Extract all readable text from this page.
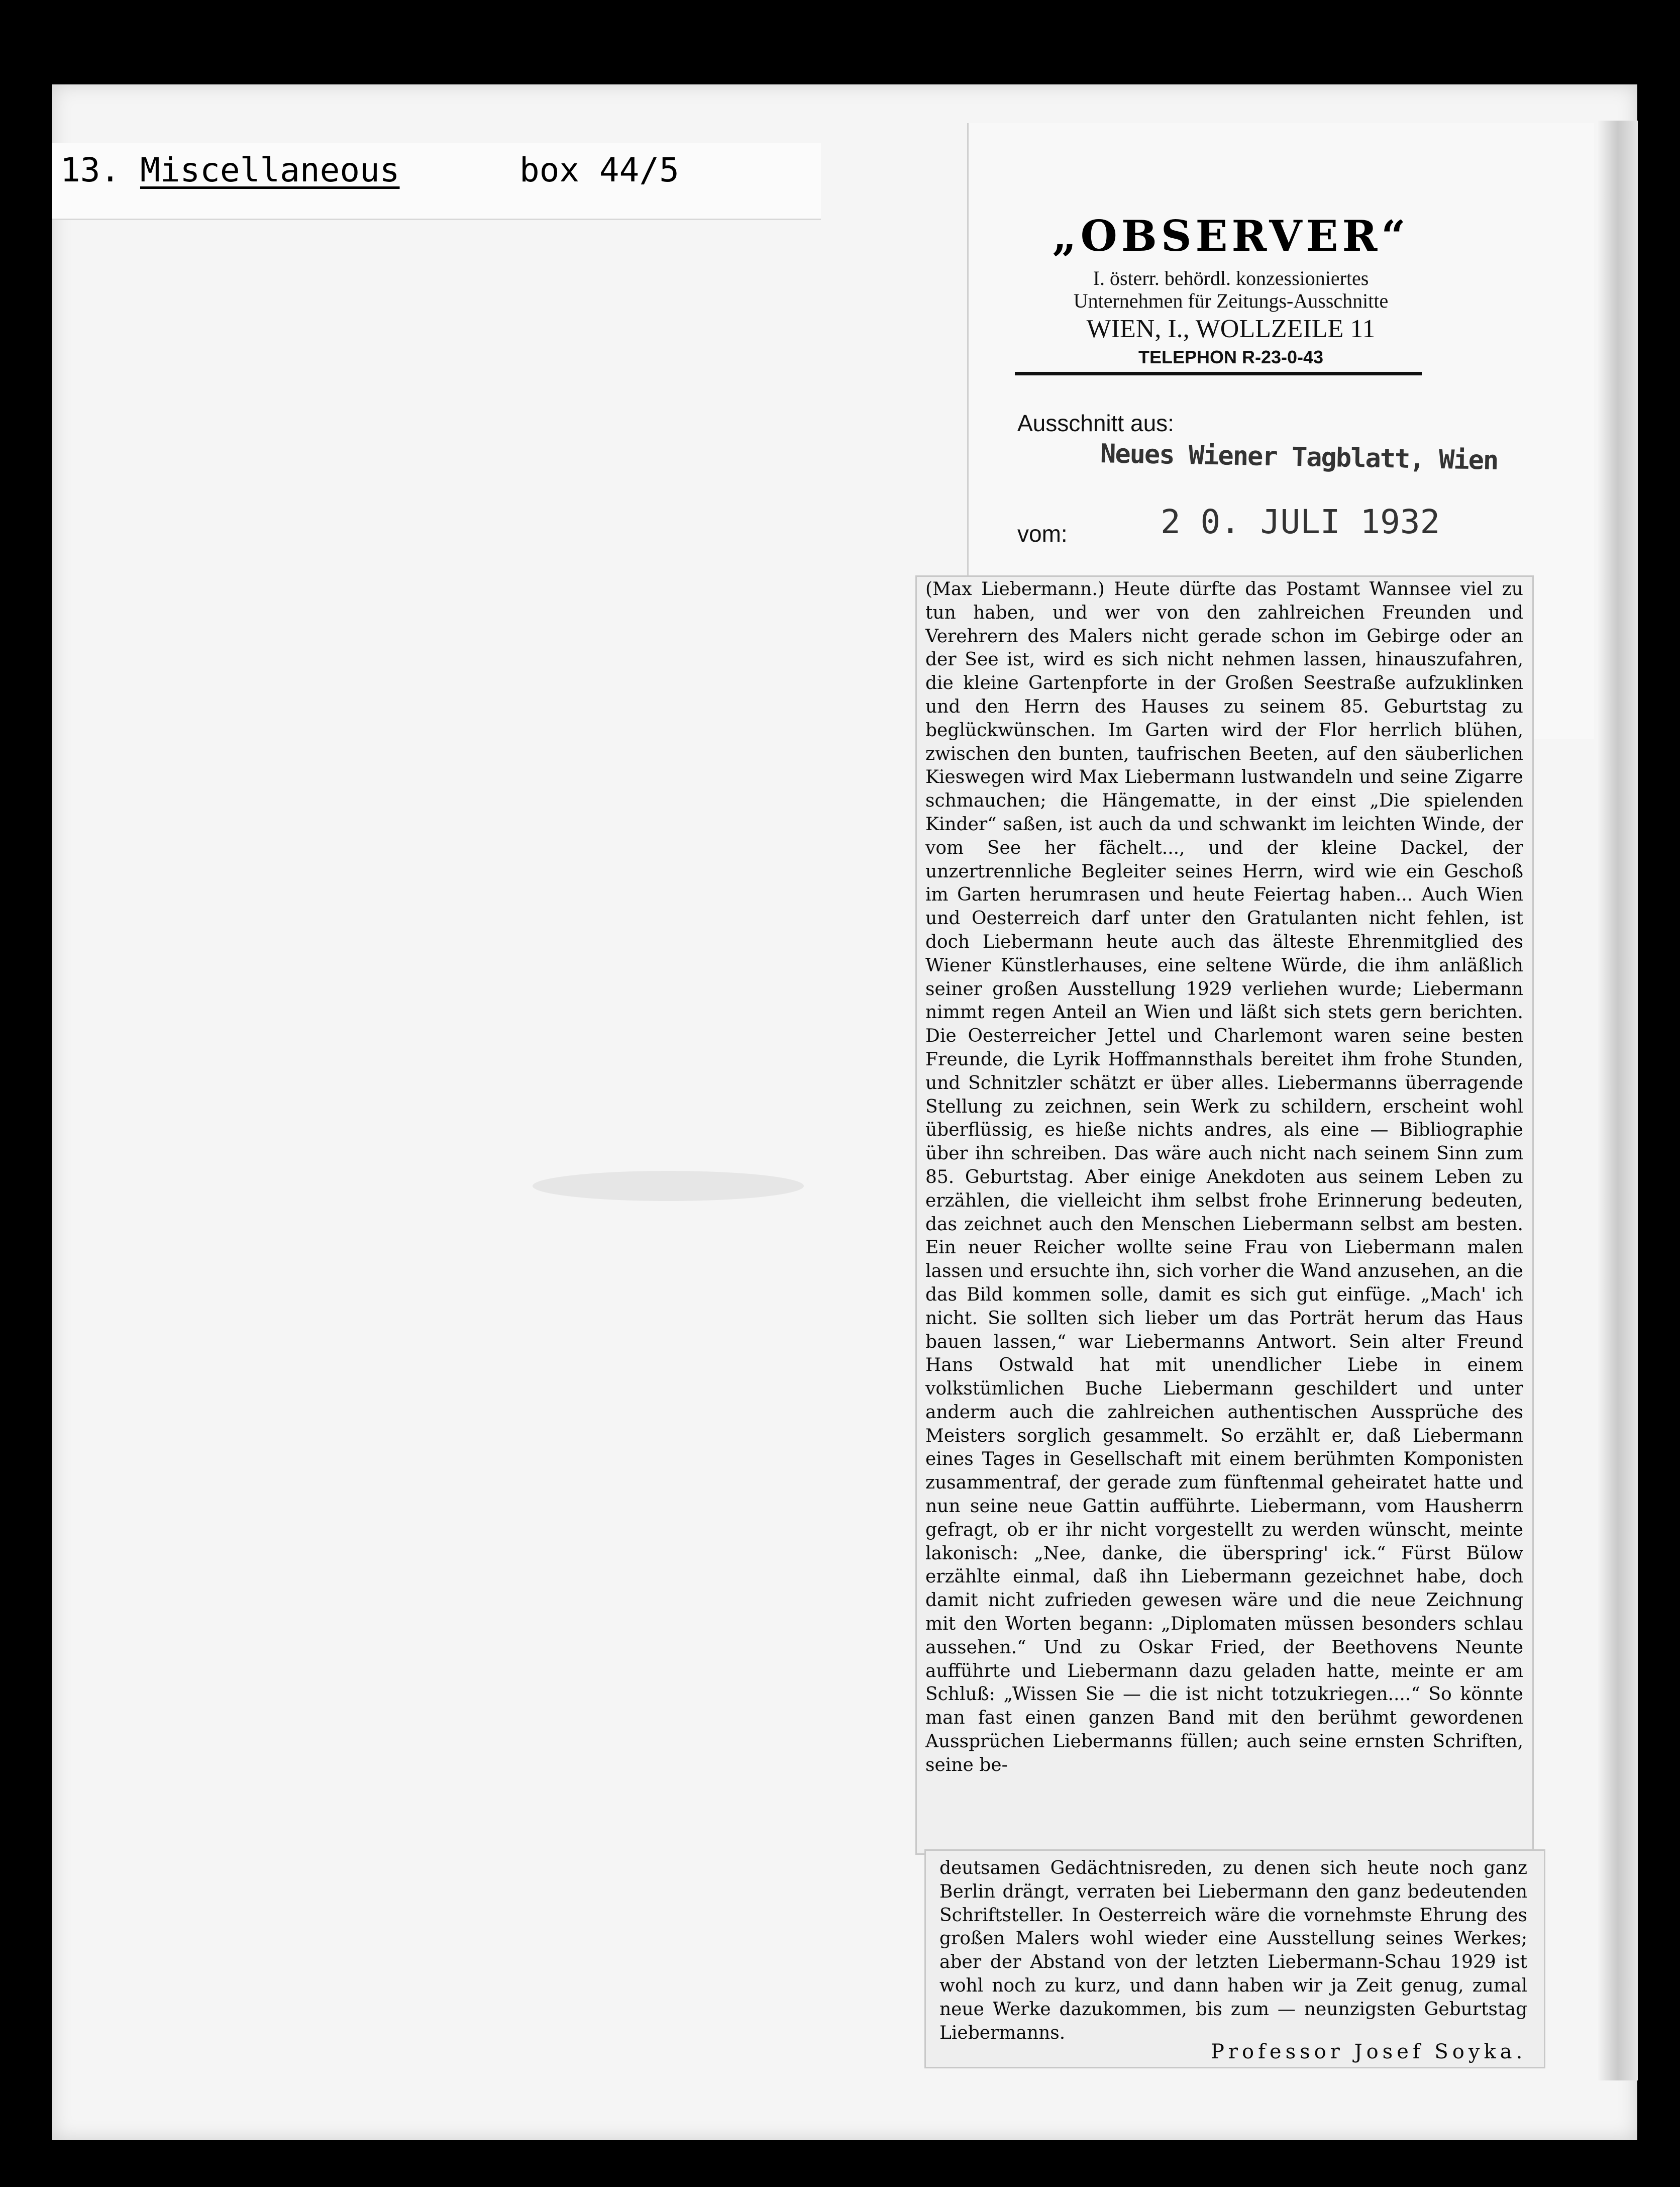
13. Miscellaneous	box 44/5
„OBSERVER“
I. österr. behördl. konzessioniertes
Unternehmen für Zeitungs-Ausschnitte
WIEN, I., WOLLZEILE 11
TELEPHON R-23-0-43
Ausschnitt aus:
Neues Wiener Tagblatt, Wien
vom:	2 0. JULI 1932
(Max Liebermann.) Heute dürfte das Postamt Wannsee viel zu tun haben, und wer von den zahlreichen Freunden und Verehrern des Malers nicht gerade schon im Gebirge oder an der See ist, wird es sich nicht nehmen lassen, hinauszufahren, die kleine Gartenpforte in der Großen Seestraße aufzuklinken und den Herrn des Hauses zu seinem 85. Geburtstag zu beglückwünschen. Im Garten wird der Flor herrlich blühen, zwischen den bunten, taufrischen Beeten, auf den säuberlichen Kieswegen wird Max Liebermann lustwandeln und seine Zigarre schmauchen; die Hängematte, in der einst „Die spielenden Kinder“ saßen, ist auch da und schwankt im leichten Winde, der vom See her fächelt..., und der kleine Dackel, der unzertrennliche Begleiter seines Herrn, wird wie ein Geschoß im Garten herumrasen und heute Feiertag haben... Auch Wien und Oesterreich darf unter den Gratulanten nicht fehlen, ist doch Liebermann heute auch das älteste Ehrenmitglied des Wiener Künstlerhauses, eine seltene Würde, die ihm anläßlich seiner großen Ausstellung 1929 verliehen wurde; Liebermann nimmt regen Anteil an Wien und läßt sich stets gern berichten. Die Oesterreicher Jettel und Charlemont waren seine besten Freunde, die Lyrik Hoffmannsthals bereitet ihm frohe Stunden, und Schnitzler schätzt er über alles. Liebermanns überragende Stellung zu zeichnen, sein Werk zu schildern, erscheint wohl überflüssig, es hieße nichts andres, als eine — Bibliographie über ihn schreiben. Das wäre auch nicht nach seinem Sinn zum 85. Geburtstag. Aber einige Anekdoten aus seinem Leben zu erzählen, die vielleicht ihm selbst frohe Erinnerung bedeuten, das zeichnet auch den Menschen Liebermann selbst am besten. Ein neuer Reicher wollte seine Frau von Liebermann malen lassen und ersuchte ihn, sich vorher die Wand anzusehen, an die das Bild kommen solle, damit es sich gut einfüge. „Mach' ich nicht. Sie sollten sich lieber um das Porträt herum das Haus bauen lassen,“ war Liebermanns Antwort. Sein alter Freund Hans Ostwald hat mit unendlicher Liebe in einem volkstümlichen Buche Liebermann geschildert und unter anderm auch die zahlreichen authentischen Aussprüche des Meisters sorglich gesammelt. So erzählt er, daß Liebermann eines Tages in Gesellschaft mit einem berühmten Komponisten zusammentraf, der gerade zum fünftenmal geheiratet hatte und nun seine neue Gattin aufführte. Liebermann, vom Hausherrn gefragt, ob er ihr nicht vorgestellt zu werden wünscht, meinte lakonisch: „Nee, danke, die überspring' ick.“ Fürst Bülow erzählte einmal, daß ihn Liebermann gezeichnet habe, doch damit nicht zufrieden gewesen wäre und die neue Zeichnung mit den Worten begann: „Diplomaten müssen besonders schlau aussehen.“ Und zu Oskar Fried, der Beethovens Neunte aufführte und Liebermann dazu geladen hatte, meinte er am Schluß: „Wissen Sie — die ist nicht totzukriegen....“ So könnte man fast einen ganzen Band mit den berühmt gewordenen Aussprüchen Liebermanns füllen; auch seine ernsten Schriften, seine be-
deutsamen Gedächtnisreden, zu denen sich heute noch ganz Berlin drängt, verraten bei Liebermann den ganz bedeutenden Schriftsteller. In Oesterreich wäre die vornehmste Ehrung des großen Malers wohl wieder eine Ausstellung seines Werkes; aber der Abstand von der letzten Liebermann-Schau 1929 ist wohl noch zu kurz, und dann haben wir ja Zeit genug, zumal neue Werke dazukommen, bis zum — neunzigsten Geburtstag Liebermanns.
Professor Josef Soyka.
